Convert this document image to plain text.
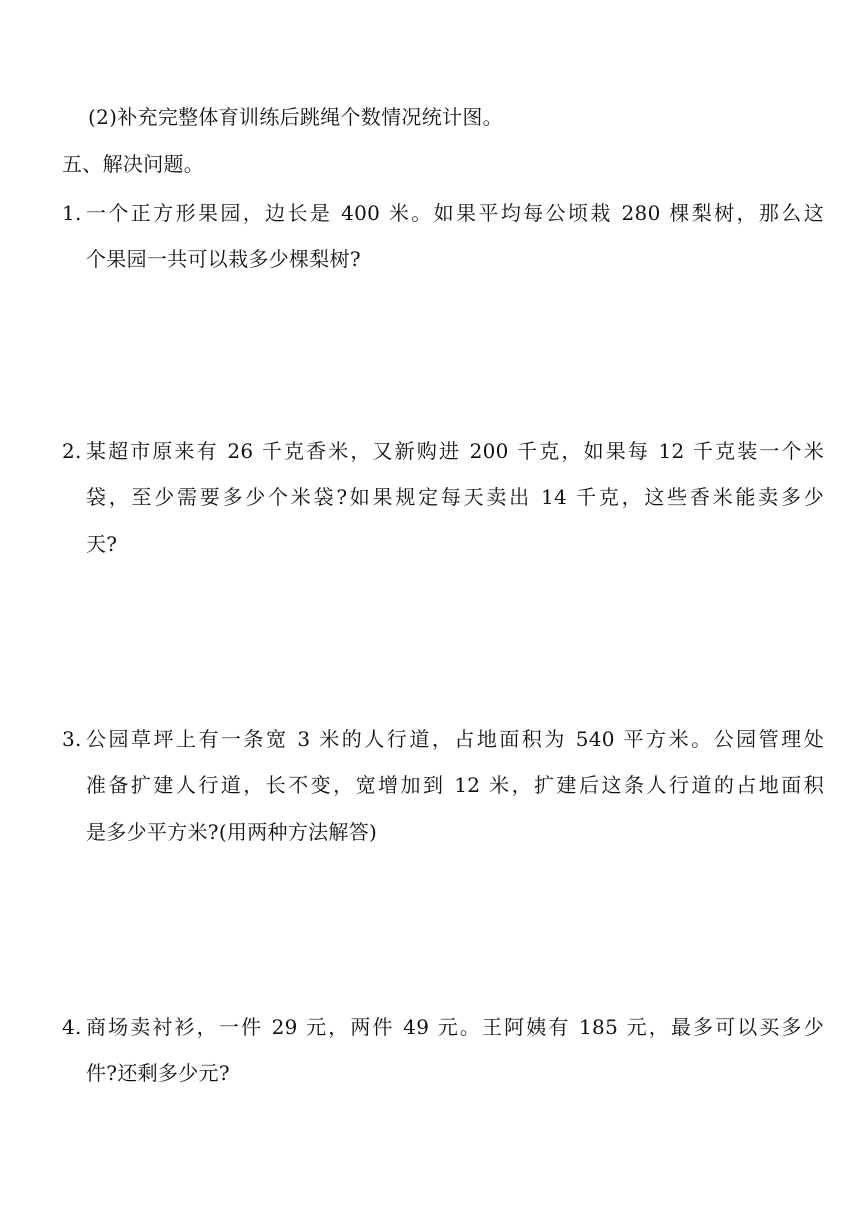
(2)补充完整体育训练后跳绳个数情况统计图。
五、解决问题。
1. 一个正方形果园，边长是 400 米。如果平均每公顷栽 280 棵梨树，那么这
个果园一共可以栽多少棵梨树?
2. 某超市原来有 26 千克香米，又新购进 200 千克，如果每 12 千克装一个米
袋，至少需要多少个米袋?如果规定每天卖出 14 千克，这些香米能卖多少
天?
3. 公园草坪上有一条宽 3 米的人行道，占地面积为 540 平方米。公园管理处
准备扩建人行道，长不变，宽增加到 12 米，扩建后这条人行道的占地面积
是多少平方米?(用两种方法解答)
4. 商场卖衬衫，一件 29 元，两件 49 元。王阿姨有 185 元，最多可以买多少
件?还剩多少元?
